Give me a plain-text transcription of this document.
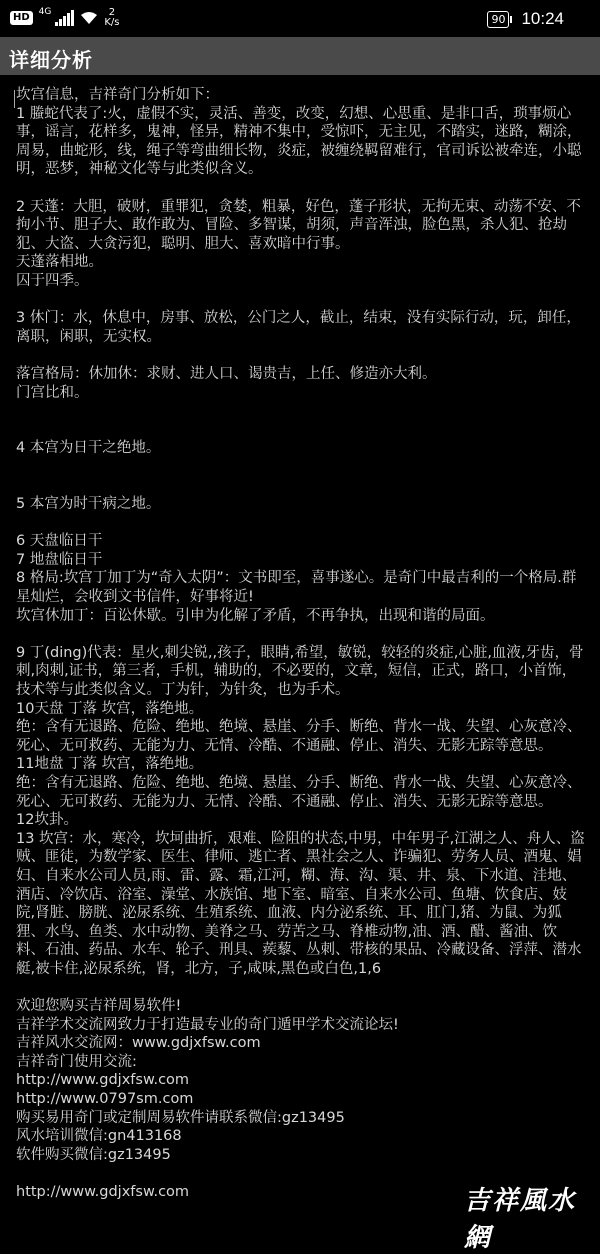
HD	4G	2
K/s	90 10:24
详细分析
坎宫信息，吉祥奇门分析如下：
1 螣蛇代表了:火，虚假不实，灵活、善变，改变，幻想、心思重、是非口舌，琐事烦心事，谣言，花样多，鬼神，怪异，精神不集中，受惊吓，无主见，不踏实，迷路，糊涂，周易，曲蛇形，线，绳子等弯曲细长物，炎症，被缠绕羁留难行，官司诉讼被牵连，小聪明，恶梦，神秘文化等与此类似含义。

2 天蓬：大胆，破财，重罪犯，贪婪，粗暴，好色，蓬子形状，无拘无束、动荡不安、不拘小节、胆子大、敢作敢为、冒险、多智谋，胡须，声音浑浊，脸色黑，杀人犯、抢劫犯、大盗、大贪污犯，聪明、胆大、喜欢暗中行事。
天蓬落相地。
囚于四季。

3 休门：水，休息中，房事、放松，公门之人，截止，结束，没有实际行动，玩，卸任，离职，闲职，无实权。

落宫格局：休加休：求财、进人口、谒贵吉，上任、修造亦大利。
门宫比和。

4 本宫为日干之绝地。

5 本宫为时干病之地。

6 天盘临日干
7 地盘临日干
8 格局:坎宫丁加丁为“奇入太阴”：文书即至，喜事遂心。是奇门中最吉利的一个格局.群星灿烂，会收到文书信件，好事将近!
坎宫休加丁：百讼休歇。引申为化解了矛盾，不再争执，出现和谐的局面。

9 丁(ding)代表：星火,刺尖锐,,孩子，眼睛,希望，敏锐，较轻的炎症,心脏,血液,牙齿，骨刺,肉刺,证书，第三者，手机，辅助的，不必要的，文章，短信，正式，路口，小首饰，技术等与此类似含义。丁为针，为针灸，也为手术。
10天盘 丁落 坎宫，落绝地。
绝：含有无退路、危险、绝地、绝境、悬崖、分手、断绝、背水一战、失望、心灰意冷、死心、无可救药、无能为力、无情、冷酷、不通融、停止、消失、无影无踪等意思。
11地盘 丁落 坎宫，落绝地。
绝：含有无退路、危险、绝地、绝境、悬崖、分手、断绝、背水一战、失望、心灰意冷、死心、无可救药、无能为力、无情、冷酷、不通融、停止、消失、无影无踪等意思。
12坎卦。
13 坎宫：水，寒冷，坎坷曲折，艰难、险阻的状态,中男，中年男子,江湖之人、舟人、盗贼、匪徒，为数学家、医生、律师、逃亡者、黑社会之人、诈骗犯、劳务人员、酒鬼、娼妇、自来水公司人员,雨、雷、露、霜,江河，糊、海、沟、渠、井、泉、下水道、洼地、酒店、冷饮店、浴室、澡堂、水族馆、地下室、暗室、自来水公司、鱼塘、饮食店、妓院,肾脏、膀胱、泌尿系统、生殖系统、血液、内分泌系统、耳、肛门,猪、为鼠、为狐狸、水鸟、鱼类、水中动物、美脊之马、劳苦之马、脊椎动物,油、酒、醋、酱油、饮料、石油、药品、水车、轮子、刑具、蒺藜、丛刺、带核的果品、冷藏设备、浮萍、潜水艇,被卡住,泌尿系统，肾，北方，子,咸味,黑色或白色,1,6

欢迎您购买吉祥周易软件!
吉祥学术交流网致力于打造最专业的奇门遁甲学术交流论坛!
吉祥风水交流网：www.gdjxfsw.com
吉祥奇门使用交流:
http://www.gdjxfsw.com
http://www.0797sm.com
购买易用奇门或定制周易软件请联系微信:gz13495
风水培训微信:gn413168
软件购买微信:gz13495

http://www.gdjxfsw.com	吉祥風水網
